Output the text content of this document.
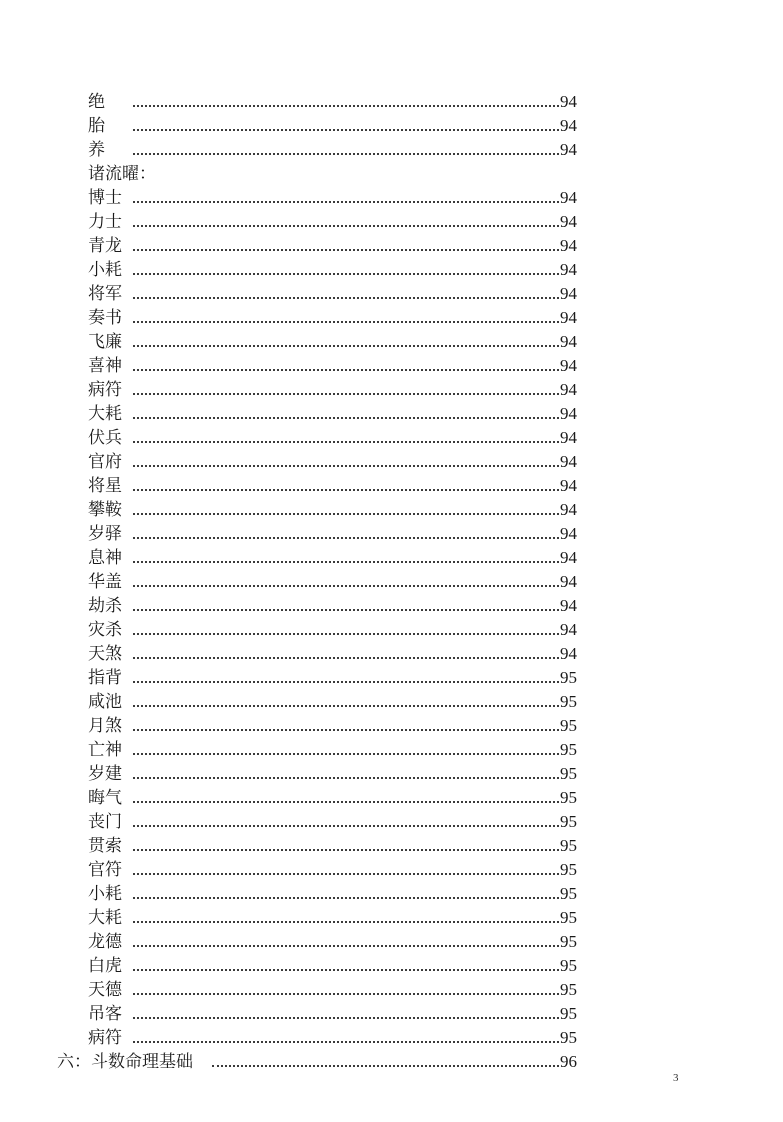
绝	94
胎	94
养	94
诸流曜：
博士	94
力士	94
青龙	94
小耗	94
将军	94
奏书	94
飞廉	94
喜神	94
病符	94
大耗	94
伏兵	94
官府	94
将星	94
攀鞍	94
岁驿	94
息神	94
华盖	94
劫杀	94
灾杀	94
天煞	94
指背	95
咸池	95
月煞	95
亡神	95
岁建	95
晦气	95
丧门	95
贯索	95
官符	95
小耗	95
大耗	95
龙德	95
白虎	95
天德	95
吊客	95
病符	95
六：斗数命理基础	96
3
